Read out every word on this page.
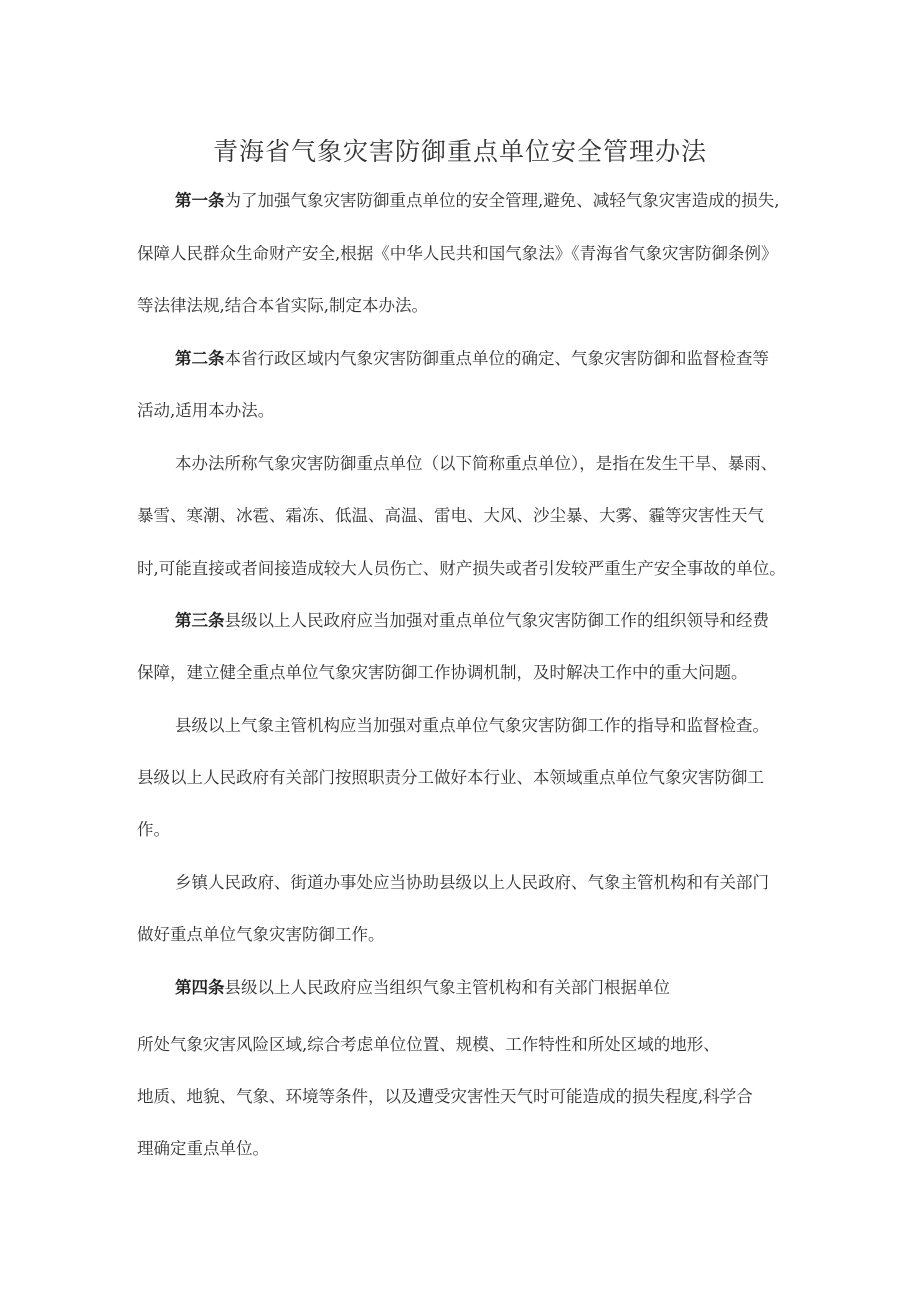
青海省气象灾害防御重点单位安全管理办法
第一条为了加强气象灾害防御重点单位的安全管理,避免、减轻气象灾害造成的损失,
保障人民群众生命财产安全,根据《中华人民共和国气象法》《青海省气象灾害防御条例》
等法律法规,结合本省实际,制定本办法。
第二条本省行政区域内气象灾害防御重点单位的确定、气象灾害防御和监督检查等
活动,适用本办法。
本办法所称气象灾害防御重点单位（以下简称重点单位），是指在发生干旱、暴雨、
暴雪、寒潮、冰雹、霜冻、低温、高温、雷电、大风、沙尘暴、大雾、霾等灾害性天气
时,可能直接或者间接造成较大人员伤亡、财产损失或者引发较严重生产安全事故的单位。
第三条县级以上人民政府应当加强对重点单位气象灾害防御工作的组织领导和经费
保障，建立健全重点单位气象灾害防御工作协调机制，及时解决工作中的重大问题。
县级以上气象主管机构应当加强对重点单位气象灾害防御工作的指导和监督检查。
县级以上人民政府有关部门按照职责分工做好本行业、本领域重点单位气象灾害防御工
作。
乡镇人民政府、街道办事处应当协助县级以上人民政府、气象主管机构和有关部门
做好重点单位气象灾害防御工作。
第四条县级以上人民政府应当组织气象主管机构和有关部门根据单位
所处气象灾害风险区域,综合考虑单位位置、规模、工作特性和所处区域的地形、
地质、地貌、气象、环境等条件，以及遭受灾害性天气时可能造成的损失程度,科学合
理确定重点单位。
